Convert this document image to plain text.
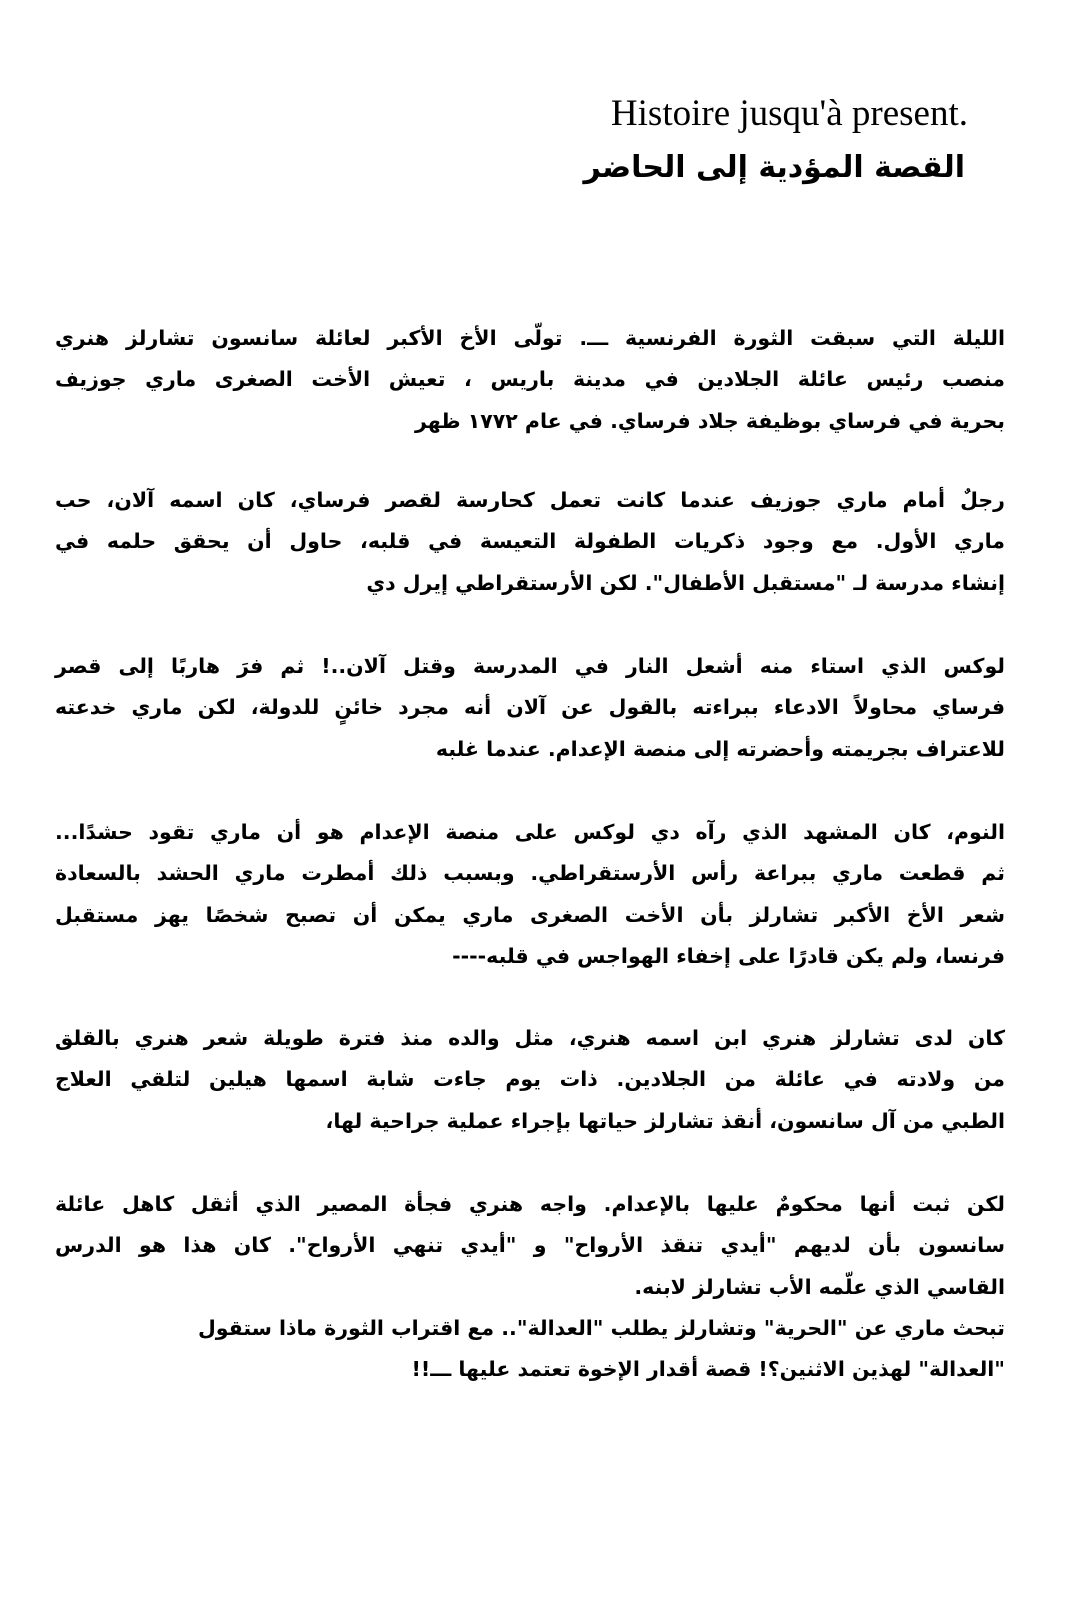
Histoire jusqu'à present.
القصة المؤدية إلى الحاضر
الليلة التي سبقت الثورة الفرنسية ـــ. تولّى الأخ الأكبر لعائلة سانسون تشارلز هنري
منصب رئيس عائلة الجلادين في مدينة باريس ، تعيش الأخت الصغرى ماري جوزيف
بحرية في فرساي بوظيفة جلاد فرساي. في عام ١٧٧٢ ظهر
رجلٌ أمام ماري جوزيف عندما كانت تعمل كحارسة لقصر فرساي، كان اسمه آلان، حب
ماري الأول. مع وجود ذكريات الطفولة التعيسة في قلبه، حاول أن يحقق حلمه في
إنشاء مدرسة لـ "مستقبل الأطفال". لكن الأرستقراطي إيرل دي
لوكس الذي استاء منه أشعل النار في المدرسة وقتل آلان..! ثم فرَ هاربًا إلى قصر
فرساي محاولاً الادعاء ببراءته بالقول عن آلان أنه مجرد خائنٍ للدولة، لكن ماري خدعته
للاعتراف بجريمته وأحضرته إلى منصة الإعدام. عندما غلبه
النوم، كان المشهد الذي رآه دي لوكس على منصة الإعدام هو أن ماري تقود حشدًا...
ثم قطعت ماري ببراعة رأس الأرستقراطي. وبسبب ذلك أمطرت ماري الحشد بالسعادة
شعر الأخ الأكبر تشارلز بأن الأخت الصغرى ماري يمكن أن تصبح شخصًا يهز مستقبل
فرنسا، ولم يكن قادرًا على إخفاء الهواجس في قلبه----
كان لدى تشارلز هنري ابن اسمه هنري، مثل والده منذ فترة طويلة شعر هنري بالقلق
من ولادته في عائلة من الجلادين. ذات يوم جاءت شابة اسمها هيلين لتلقي العلاج
الطبي من آل سانسون، أنقذ تشارلز حياتها بإجراء عملية جراحية لها،
لكن ثبت أنها محكومٌ عليها بالإعدام. واجه هنري فجأة المصير الذي أثقل كاهل عائلة
سانسون بأن لديهم "أيدي تنقذ الأرواح" و "أيدي تنهي الأرواح". كان هذا هو الدرس
القاسي الذي علّمه الأب تشارلز لابنه.
تبحث ماري عن "الحرية" وتشارلز يطلب "العدالة".. مع اقتراب الثورة ماذا ستقول
"العدالة" لهذين الاثنين؟! قصة أقدار الإخوة تعتمد عليها ـــ!!
